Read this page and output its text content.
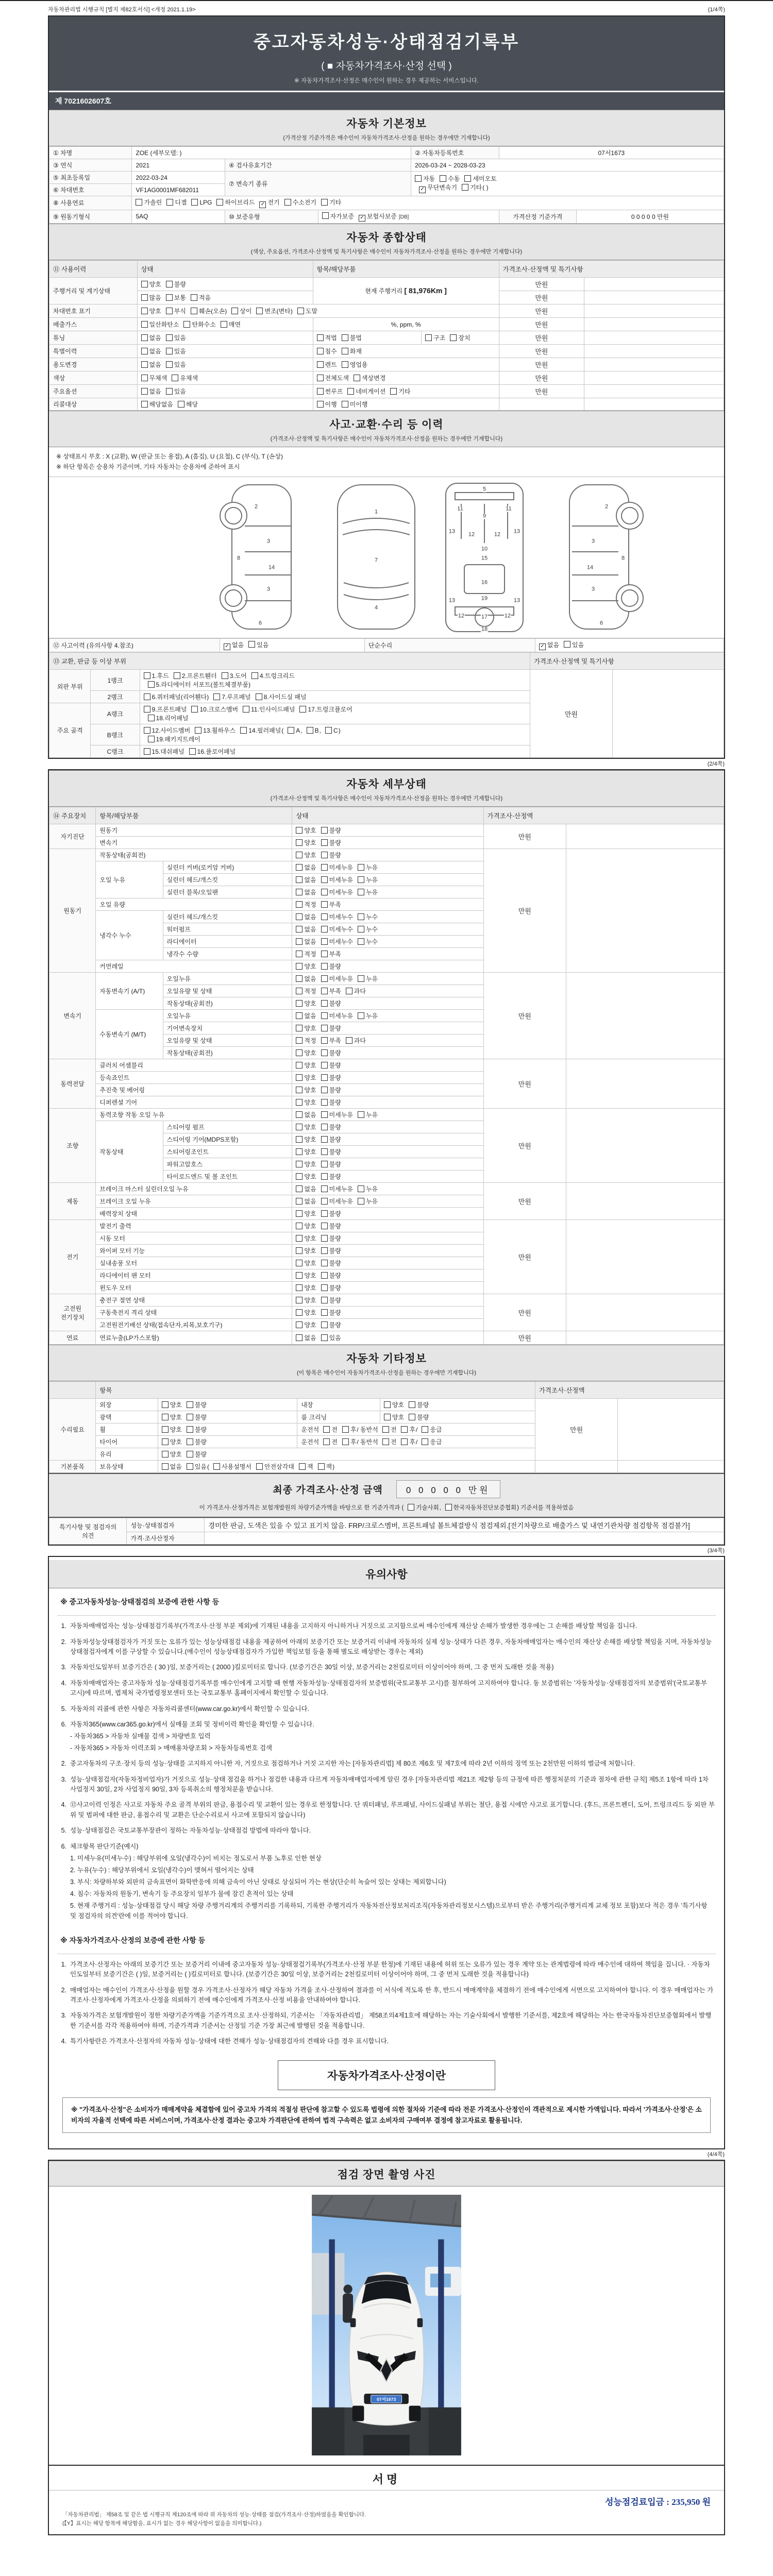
자동차관리법 시행규칙 [별지 제82호서식] <개정 2021.1.19>	(1/4쪽)
중고자동차성능·상태점검기록부
( ■ 자동차가격조사·산정 선택 )
※ 자동차가격조사·산정은 매수인이 원하는 경우 제공하는 서비스입니다.
제 7021602607호
자동차 기본정보
(가격산정 기준가격은 매수인이 자동차가격조사·산정을 원하는 경우에만 기재합니다)
① 차명	ZOE (세부모델: )			② 자동차등록번호	07서1673	
③ 연식	2021	④ 검사유효기간		2026-03-24 ~ 2028-03-23		
⑤ 최초등록일	2022-03-24	⑦ 변속기 종류		자동 수동 세미오토
✓무단변속기 기타( )
⑥ 차대번호	VF1AG0001MF682011					
⑧ 사용연료	가솔린 디젤 LPG 하이브리드 ✓ 전기 수소전기 기타
⑨ 원동기형식	5AQ	⑩ 보증유형	자가보증 ✓ 보험사보증 [DB]		가격산정 기준가격	0 0 0 0 0 만원
자동차 종합상태
(색상, 주요옵션, 가격조사·산정액 및 특기사항은 매수인이 자동차가격조사·산정을 원하는 경우에만 기재합니다)
⑪ 사용이력	상태	항목/해당부품		가격조사·산정액 및 특기사항	
주행거리 및 계기상태	양호 불량	현재 주행거리 [ 81,976Km ]		만원	
	많음 보통 적음			만원	
차대번호 표기	양호 부식 훼손(오손) 상이 변조(변타) 도말			만원	
배출가스	일산화탄소 탄화수소 매연	%, ppm, %		만원	
튜닝	없음 있음	적법 불법	구조 장치	만원	
특별이력	없음 있음	침수 화재		만원	
용도변경	없음 있음	렌트 영업용		만원	
색상	무채색 유채색	전체도색 색상변경		만원	
주요옵션	없음 있음	썬루프 네비게이션 기타		만원	
리콜대상	해당없음 해당	이행 미이행			
사고·교환·수리 등 이력
(가격조사·산정액 및 특기사항은 매수인이 자동차가격조사·산정을 원하는 경우에만 기재합니다)
※ 상태표시 부호 : X (교환), W (판금 또는 용접), A (흠집), U (요철), C (부식), T (손상)
※ 하단 항목은 승용차 기준이며, 기타 자동차는 승용차에 준하여 표시
2
8
3
14
3
6
1
7
4
5
11
9
11
13 12	12 13
10
15
16
13	19	13
12	17	12
18
2
3
8
14
3
6
⑫ 사고이력 (유의사항 4.참조)	✓없음 있음	단순수리	✓없음 있음
⑬ 교환, 판금 등 이상 부위			가격조사·산정액 및 특기사항	
외판 부위	1랭크	1.후드 2.프론트휀더 3.도어 4.트렁크리드
5.라디에이터 서포트(볼트체결부품)	만원	
	2랭크	6.쿼터패널(리어휀다) 7.루프패널 8.사이드실 패널		
주요 골격	A랭크	9.프론트패널 10.크로스멤버 11.인사이드패널 17.트렁크플로어
18.리어패널		
	B랭크	12.사이드멤버 13.휠하우스 14.필러패널( A, B, C)
19.패키지트레이		
	C랭크	15.대쉬패널 16.플로어패널		
(2/4쪽)
자동차 세부상태
(가격조사·산정액 및 특기사항은 매수인이 자동차가격조사·산정을 원하는 경우에만 기재합니다)
⑭ 주요장치	항목/해당부품		상태	가격조사·산정액	
자기진단	원동기		양호 불량	만원	
	변속기		양호 불량		
원동기	작동상태(공회전)		양호 불량	만원	
	오일 누유	실린더 커버(로커암 커버)	없음 미세누유 누유		
		실린더 헤드/개스킷	없음 미세누유 누유		
		실린더 블록/오일팬	없음 미세누유 누유		
	오일 유량		적정 부족		
	냉각수 누수	실린더 헤드/개스킷	없음 미세누수 누수		
		워터펌프	없음 미세누수 누수		
		라디에이터	없음 미세누수 누수		
		냉각수 수량	적정 부족		
	커먼레일		양호 불량		
변속기	자동변속기 (A/T)	오일누유	없음 미세누유 누유	만원	
		오일유량 및 상태	적정 부족 과다		
		작동상태(공회전)	양호 불량		
	수동변속기 (M/T)	오일누유	없음 미세누유 누유		
		기어변속장치	양호 불량		
		오일유량 및 상태	적정 부족 과다		
		작동상태(공회전)	양호 불량		
동력전달	클러치 어셈블리		양호 불량	만원	
	등속죠인트		양호 불량		
	추진축 및 베어링		양호 불량		
	디퍼렌셜 기어		양호 불량		
조향	동력조향 작동 오일 누유		없음 미세누유 누유	만원	
	작동상태	스티어링 펌프	양호 불량		
		스티어링 기어(MDPS포함)	양호 불량		
		스티어링조인트	양호 불량		
		파워고압호스	양호 불량		
		타이로드엔드 및 볼 조인트	양호 불량		
제동	브레이크 마스터 실린더오일 누유		없음 미세누유 누유	만원	
	브레이크 오일 누유		없음 미세누유 누유		
	배력장치 상태		양호 불량		
전기	발전기 출력		양호 불량	만원	
	시동 모터		양호 불량		
	와이퍼 모터 기능		양호 불량		
	실내송풍 모터		양호 불량		
	라디에이터 팬 모터		양호 불량		
	윈도우 모터		양호 불량		
고전원 전기장치	충전구 절연 상태		양호 불량	만원	
	구동축전지 격리 상태		양호 불량		
	고전원전기배선 상태(접속단자,피복,보호기구)		양호 불량		
연료	연료누출(LP가스포함)		없음 있음	만원	
자동차 기타정보
(이 항목은 매수인이 자동차가격조사·산정을 원하는 경우에만 기재합니다)
	항목				가격조사·산정액	
수리필요	외장	양호 불량	내장	양호 불량	만원	
	광택	양호 불량	룸 크리닝	양호 불량		
	휠	양호 불량	운전석 전 후/ 동반석 전 후/ 응급			
	타이어	양호 불량	운전석 전 후/ 동반석 전 후/ 응급			
	유리	양호 불량				
기본품목	보유상태	없음 있음( 사용설명서 안전삼각대 잭 잭)				
최종 가격조사·산정 금액	0 0 0 0 0 만원
이 가격조사·산정가격은 보험개발원의 차량기준가액을 바탕으로 한 기준가격과 ( 기술사회, 한국자동차진단보증협회) 기준서를 적용하였음
특기사항 및 점검자의 의견	성능·상태점검자	경미한 판금, 도색은 있을 수 있고 표기치 않음. FRP/크로스멤버, 프론트패널 볼트체결방식 점검제외.[전기차량으로 배출가스 및 내연기관차량 점검항목 점검불가]
	가격·조사산정자	
(3/4쪽)
유의사항
※ 중고자동차성능·상태점검의 보증에 관한 사항 등
1. 자동차매매업자는 성능·상태점검기록부(가격조사·산정 부분 제외)에 기재된 내용을 고지하지 아니하거나 거짓으로 고지함으로써 매수인에게 재산상 손해가 발생한 경우에는 그 손해를 배상할 책임을 집니다.
2. 자동차성능상태점검자가 거짓 또는 오류가 있는 성능상태점검 내용을 제공하여 아래의 보증기간 또는 보증거리 이내에 자동차의 실제 성능·상태가 다른 경우, 자동차매매업자는 매수인의 재산상 손해를 배상할 책임을 지며, 자동차성능상태점검자에게 이를 구상할 수 있습니다.(매수인이 성능상태점검자가 가입한 책임보험 등을 통해 별도로 배상받는 경우는 제외)
3. 자동차인도일부터 보증기간은 ( 30 )일, 보증거리는 ( 2000 )킬로미터로 합니다. (보증기간은 30일 이상, 보증거리는 2천킬로미터 이상이어야 하며, 그 중 먼저 도래한 것을 적용)
4. 자동차매매업자는 중고자동차 성능·상태점검기록부를 매수인에게 고지할 때 현행 자동차성능·상태점검자의 보증범위(국토교통부 고시)를 첨부하여 고지하여야 합니다. 동 보증범위는 '자동차성능·상태점검자의 보증범위'(국토교통부 고시)에 따르며, 법제처 국가법령정보센터 또는 국토교통부 홈페이지에서 확인할 수 있습니다.
5. 자동차의 리콜에 관한 사항은 자동차리콜센터(www.car.go.kr)에서 확인할 수 있습니다.
6. 자동차365(www.car365.go.kr)에서 실매물 조회 및 정비이력 확인을 확인할 수 있습니다.
- 자동차365 > 자동차 실매물 검색 > 차량번호 입력
- 자동차365 > 자동차 이력조회 > 매매용차량조회 > 자동차등록번호 검색
2. 중고자동차의 구조·장치 등의 성능·상태를 고지하지 아니한 자, 거짓으로 점검하거나 거짓 고지한 자는 [자동차관리법] 제 80조 제6호 및 제7호에 따라 2년 이하의 징역 또는 2천만원 이하의 벌금에 처합니다.
3. 성능·상태점검자(자동차정비업자)가 거짓으로 성능·상태 점검을 하거나 점검한 내용과 다르게 자동차매매업자에게 알린 경우 [자동차관리법 제21조 제2항 등의 규정에 따른 행정처분의 기준과 절차에 관한 규칙] 제5조 1항에 따라 1차 사업정지 30일, 2차 사업정지 90일, 3차 등록취소의 행정처분을 받습니다.
4. ⑫사고이력 인정은 사고로 자동차 주요 골격 부위의 판금, 용접수리 및 교환이 있는 경우로 한정합니다. 단 쿼터패널, 루프패널, 사이드실패널 부위는 절단, 용접 시에만 사고로 표기합니다. (후드, 프론트펜더, 도어, 트렁크리드 등 외판 부위 및 범퍼에 대한 판금, 용접수리 및 교환은 단순수리로서 사고에 포함되지 않습니다)
5. 성능·상태점검은 국토교통부장관이 정하는 자동차성능·상태점검 방법에 따라야 합니다.
6. 체크항목 판단기준(예시)
1. 미세누유(미세누수) : 해당부위에 오일(냉각수)이 비치는 정도로서 부품 노후로 인한 현상
2. 누유(누수) : 해당부위에서 오일(냉각수)이 맺혀서 떨어지는 상태
3. 부식: 차량하부와 외판의 금속표면이 화학반응에 의해 금속이 아닌 상태로 상실되어 가는 현상(단순히 녹슬어 있는 상태는 제외합니다)
4. 침수: 자동차의 원동기, 변속기 등 주요장치 일부가 물에 잠긴 흔적이 있는 상태
5. 현재 주행거리 : 성능·상태점검 당시 해당 차량 주행거리계의 주행거리를 기록하되, 기록한 주행거리가 자동차전산정보처리조직(자동차관리정보시스템)으로부터 받은 주행거리(주행거리계 교체 정보 포함)보다 적은 경우 '특기사항 및 점검자의 의견'란에 이를 적어야 합니다.
※ 자동차가격조사·산정의 보증에 관한 사항 등
1. 가격조사·산정자는 아래의 보증기간 또는 보증거리 이내에 중고자동차 성능·상태점검기록부(가격조사·산정 부분 한정)에 기재된 내용에 허위 또는 오류가 있는 경우 계약 또는 관계법령에 따라 매수인에 대하여 책임을 집니다. · 자동차인도일부터 보증기간은 ( )일, 보증거리는 ( )킬로미터로 합니다. (보증기간은 30일 이상, 보증거리는 2천킬로미터 이상이어야 하며, 그 중 먼저 도래한 것을 적용합니다)
2. 매매업자는 매수인이 가격조사·산정을 원할 경우 가격조사·산정자가 해당 자동차 가격을 조사·산정하여 결과를 이 서식에 적도록 한 후, 반드시 매매계약을 체결하기 전에 매수인에게 서면으로 고지하여야 합니다. 이 경우 매매업자는 가격조사·산정자에게 가격조사·산정을 의뢰하기 전에 매수인에게 가격조사·산정 비용을 안내하여야 합니다.
3. 자동차가격은 보험개발원이 정한 차량기준가액을 기준가격으로 조사·산정하되, 기준서는 「자동차관리법」 제58조의4제1호에 해당하는 자는 기술사회에서 발행한 기준서를, 제2호에 해당하는 자는 한국자동차진단보증협회에서 발행한 기준서를 각각 적용하여야 하며, 기준가격과 기준서는 산정일 기준 가장 최근에 발행된 것을 적용합니다.
4. 특기사항란은 가격조사·산정자의 자동차 성능·상태에 대한 견해가 성능·상태점검자의 견해와 다를 경우 표시합니다.
자동차가격조사·산정이란
※ "가격조사·산정"은 소비자가 매매계약을 체결함에 있어 중고차 가격의 적절성 판단에 참고할 수 있도록 법령에 의한 절차와 기준에 따라 전문 가격조사·산정인이 객관적으로 제시한 가액입니다. 따라서 '가격조사·산정'은 소비자의 자율적 선택에 따른 서비스이며, 가격조사·산정 결과는 중고차 가격판단에 관하여 법적 구속력은 없고 소비자의 구매여부 결정에 참고자료로 활용됩니다.
(4/4쪽)
점검 장면 촬영 사진
07서1673
서명
성능점검료입금 : 235,950 원
「자동차관리법」 제58조 및 같은 법 시행규칙 제120조에 따라 위 자동차의 성능·상태를 점검(가격조사·산정)하였음을 확인합니다.
(【Y】표시는 해당 항목에 해당함을, 표시가 없는 경우 해당사항이 없음을 의미합니다.)
